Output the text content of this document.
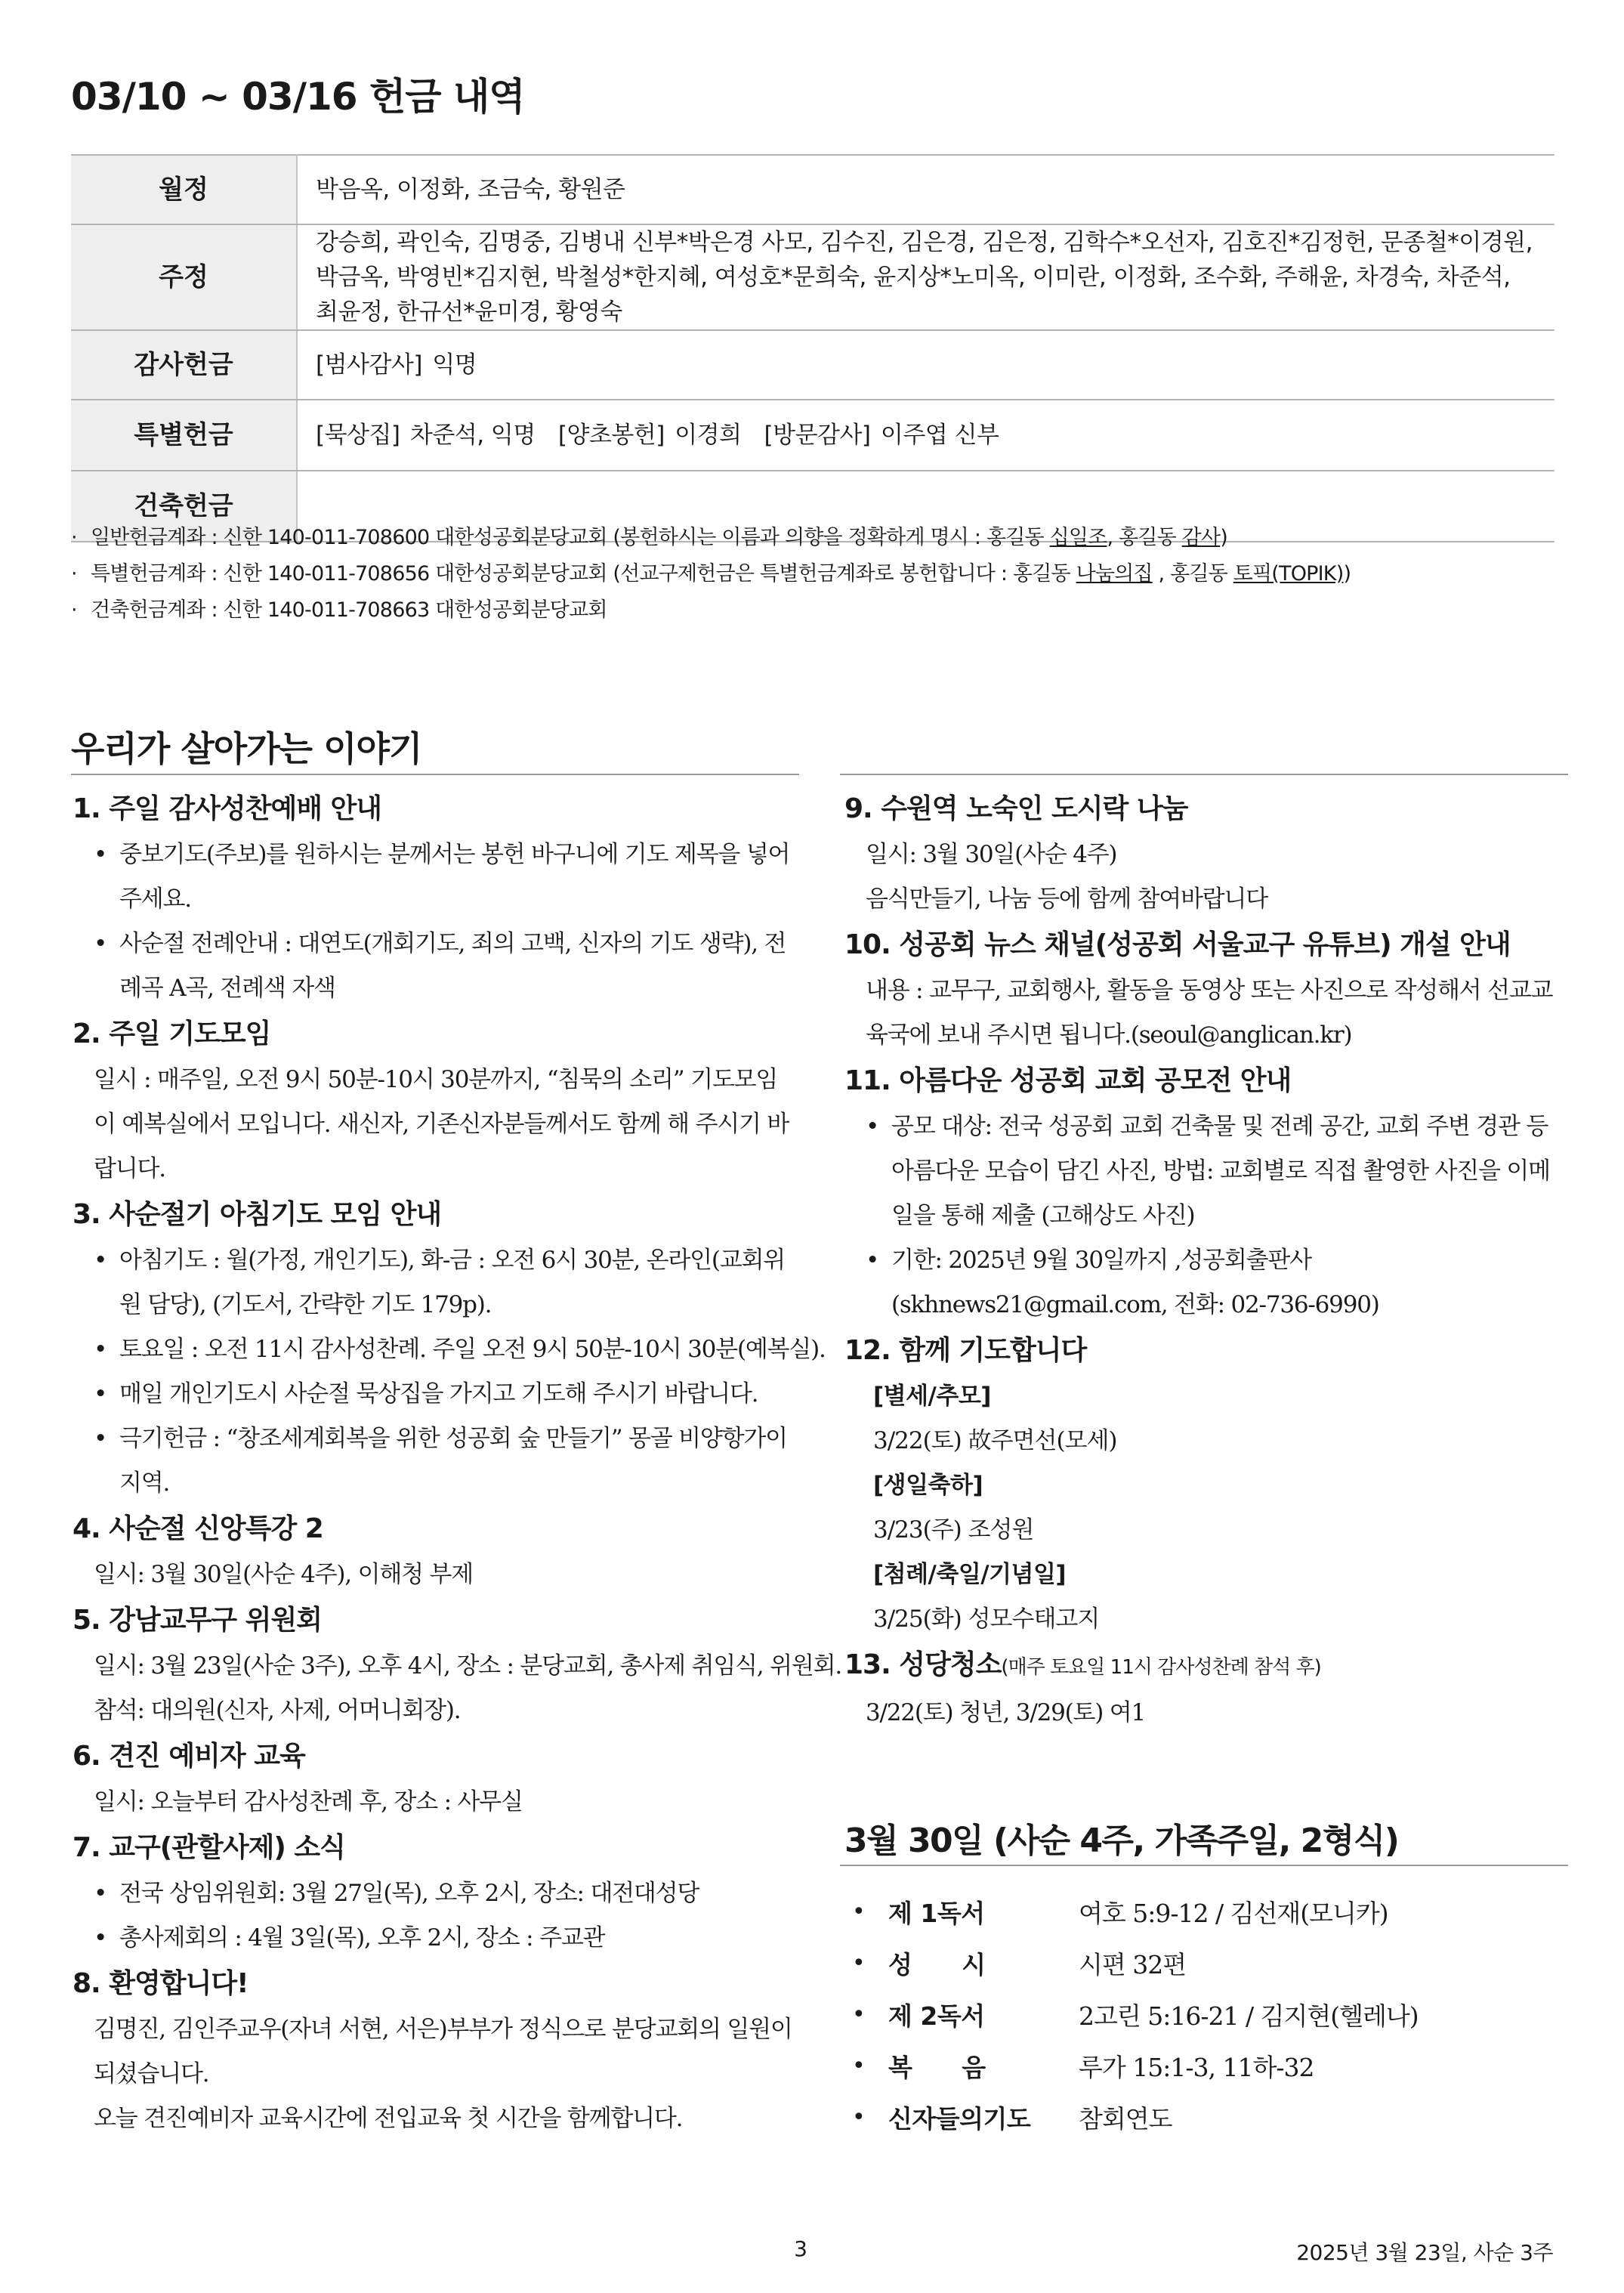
03/10 ~ 03/16 헌금 내역
월정	박음옥, 이정화, 조금숙, 황원준
주정	강승희, 곽인숙, 김명중, 김병내 신부*박은경 사모, 김수진, 김은경, 김은정, 김학수*오선자, 김호진*김정헌, 문종철*이경원, 박금옥, 박영빈*김지현, 박철성*한지혜, 여성호*문희숙, 윤지상*노미옥, 이미란, 이정화, 조수화, 주해윤, 차경숙, 차준석, 최윤정, 한규선*윤미경, 황영숙
감사헌금	[범사감사] 익명
특별헌금	[묵상집] 차준석, 익명 [양초봉헌] 이경희 [방문감사] 이주엽 신부
건축헌금	
· 일반헌금계좌 : 신한 140-011-708600 대한성공회분당교회 (봉헌하시는 이름과 의향을 정확하게 명시 : 홍길동 십일조, 홍길동 감사)
· 특별헌금계좌 : 신한 140-011-708656 대한성공회분당교회 (선교구제헌금은 특별헌금계좌로 봉헌합니다 : 홍길동 나눔의집 , 홍길동 토픽(TOPIK))
· 건축헌금계좌 : 신한 140-011-708663 대한성공회분당교회
우리가 살아가는 이야기
1. 주일 감사성찬예배 안내
• 중보기도(주보)를 원하시는 분께서는 봉헌 바구니에 기도 제목을 넣어주세요.
• 사순절 전례안내 : 대연도(개회기도, 죄의 고백, 신자의 기도 생략), 전례곡 A곡, 전례색 자색
2. 주일 기도모임
일시 : 매주일, 오전 9시 50분-10시 30분까지, “침묵의 소리” 기도모임이 예복실에서 모입니다. 새신자, 기존신자분들께서도 함께 해 주시기 바랍니다.
3. 사순절기 아침기도 모임 안내
• 아침기도 : 월(가정, 개인기도), 화-금 : 오전 6시 30분, 온라인(교회위원 담당), (기도서, 간략한 기도 179p).
• 토요일 : 오전 11시 감사성찬례. 주일 오전 9시 50분-10시 30분(예복실).
• 매일 개인기도시 사순절 묵상집을 가지고 기도해 주시기 바랍니다.
• 극기헌금 : “창조세계회복을 위한 성공회 숲 만들기” 몽골 비양항가이 지역.
4. 사순절 신앙특강 2
일시: 3월 30일(사순 4주), 이해청 부제
5. 강남교무구 위원회
일시: 3월 23일(사순 3주), 오후 4시, 장소 : 분당교회, 총사제 취임식, 위원회.
참석: 대의원(신자, 사제, 어머니회장).
6. 견진 예비자 교육
일시: 오늘부터 감사성찬례 후, 장소 : 사무실
7. 교구(관할사제) 소식
• 전국 상임위원회: 3월 27일(목), 오후 2시, 장소: 대전대성당
• 총사제회의 : 4월 3일(목), 오후 2시, 장소 : 주교관
8. 환영합니다!
김명진, 김인주교우(자녀 서현, 서은)부부가 정식으로 분당교회의 일원이 되셨습니다.
오늘 견진예비자 교육시간에 전입교육 첫 시간을 함께합니다.
9. 수원역 노숙인 도시락 나눔
일시: 3월 30일(사순 4주)
음식만들기, 나눔 등에 함께 참여바랍니다
10. 성공회 뉴스 채널(성공회 서울교구 유튜브) 개설 안내
내용 : 교무구, 교회행사, 활동을 동영상 또는 사진으로 작성해서 선교교육국에 보내 주시면 됩니다.(seoul@anglican.kr)
11. 아름다운 성공회 교회 공모전 안내
• 공모 대상: 전국 성공회 교회 건축물 및 전례 공간, 교회 주변 경관 등 아름다운 모습이 담긴 사진, 방법: 교회별로 직접 촬영한 사진을 이메일을 통해 제출 (고해상도 사진)
• 기한: 2025년 9월 30일까지 ,성공회출판사(skhnews21@gmail.com, 전화: 02-736-6990)
12. 함께 기도합니다
[별세/추모]
3/22(토) 故주면선(모세)
[생일축하]
3/23(주) 조성원
[첨례/축일/기념일]
3/25(화) 성모수태고지
13. 성당청소(매주 토요일 11시 감사성찬례 참석 후)
3/22(토) 청년, 3/29(토) 여1
3월 30일 (사순 4주, 가족주일, 2형식)
• 제 1독서	여호 5:9-12 / 김선재(모니카)
• 성      시	시편 32편
• 제 2독서	2고린 5:16-21 / 김지현(헬레나)
• 복      음	루가 15:1-3, 11하-32
• 신자들의기도	참회연도
3	2025년 3월 23일, 사순 3주
